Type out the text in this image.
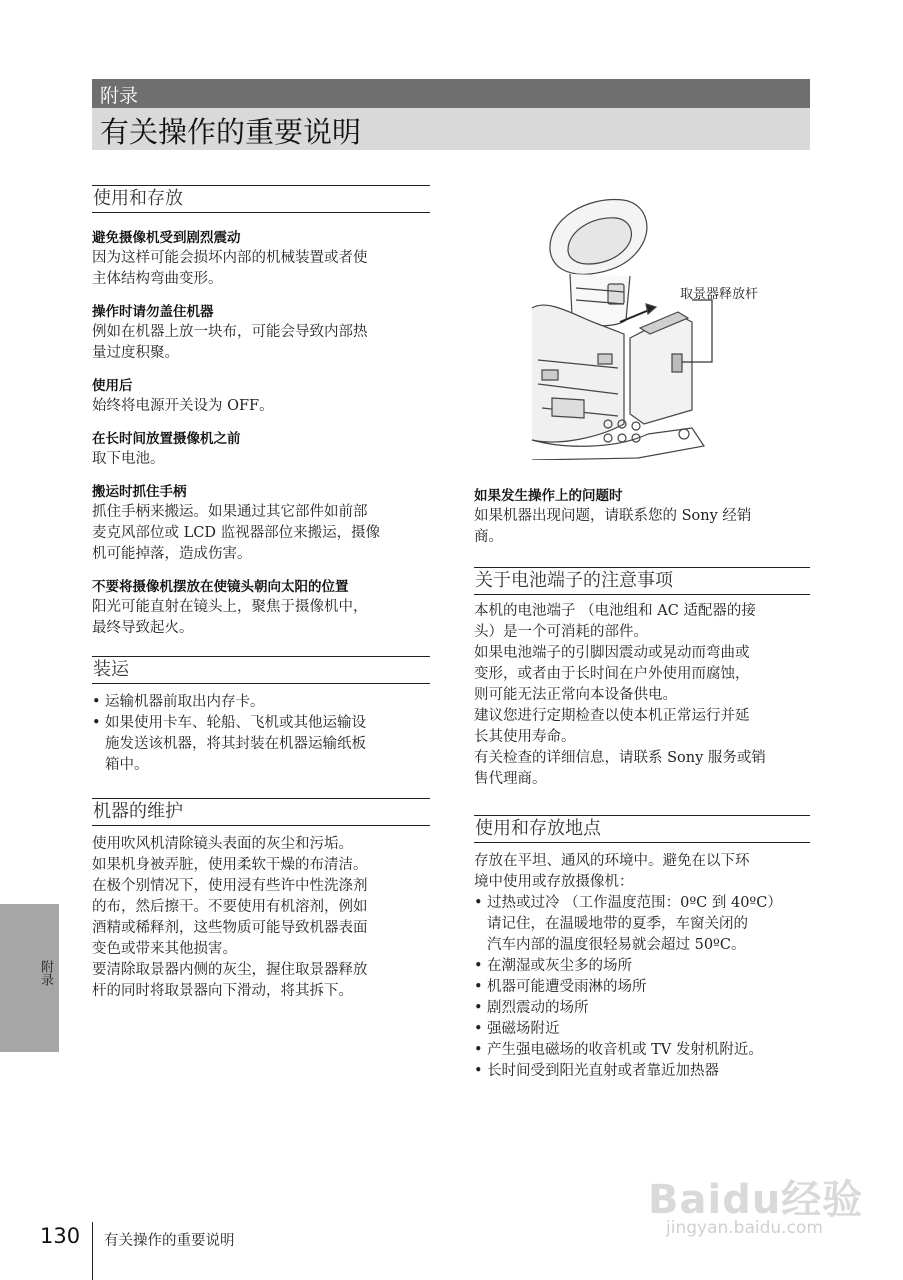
附录
有关操作的重要说明
使用和存放
避免摄像机受到剧烈震动

因为这样可能会损坏内部的机械装置或者使

主体结构弯曲变形。

操作时请勿盖住机器

例如在机器上放一块布，可能会导致内部热

量过度积聚。

使用后

始终将电源开关设为 OFF。

在长时间放置摄像机之前

取下电池。

搬运时抓住手柄

抓住手柄来搬运。如果通过其它部件如前部

麦克风部位或 LCD 监视器部位来搬运，摄像

机可能掉落，造成伤害。

不要将摄像机摆放在使镜头朝向太阳的位置

阳光可能直射在镜头上，聚焦于摄像机中，

最终导致起火。

装运
• 运输机器前取出内存卡。
• 如果使用卡车、轮船、飞机或其他运输设
施发送该机器，将其封装在机器运输纸板
箱中。
机器的维护

使用吹风机清除镜头表面的灰尘和污垢。

如果机身被弄脏，使用柔软干燥的布清洁。

在极个别情况下，使用浸有些许中性洗涤剂

的布，然后擦干。不要使用有机溶剂，例如

酒精或稀释剂，这些物质可能导致机器表面

变色或带来其他损害。

要清除取景器内侧的灰尘，握住取景器释放

杆的同时将取景器向下滑动，将其拆下。

取景器释放杆
如果发生操作上的问题时

如果机器出现问题，请联系您的 Sony 经销

商。

关于电池端子的注意事项

本机的电池端子 （电池组和 AC 适配器的接

头）是一个可消耗的部件。

如果电池端子的引脚因震动或晃动而弯曲或

变形，或者由于长时间在户外使用而腐蚀，

则可能无法正常向本设备供电。

建议您进行定期检查以使本机正常运行并延

长其使用寿命。

有关检查的详细信息，请联系 Sony 服务或销

售代理商。

使用和存放地点

存放在平坦、通风的环境中。避免在以下环

境中使用或存放摄像机：

• 过热或过冷 （工作温度范围：0ºC 到 40ºC）
请记住，在温暖地带的夏季，车窗关闭的
汽车内部的温度很轻易就会超过 50ºC。
• 在潮湿或灰尘多的场所
• 机器可能遭受雨淋的场所
• 剧烈震动的场所
• 强磁场附近
• 产生强电磁场的收音机或 TV 发射机附近。
• 长时间受到阳光直射或者靠近加热器
附录
Baidu经验
jingyan.baidu.com
130 有关操作的重要说明
